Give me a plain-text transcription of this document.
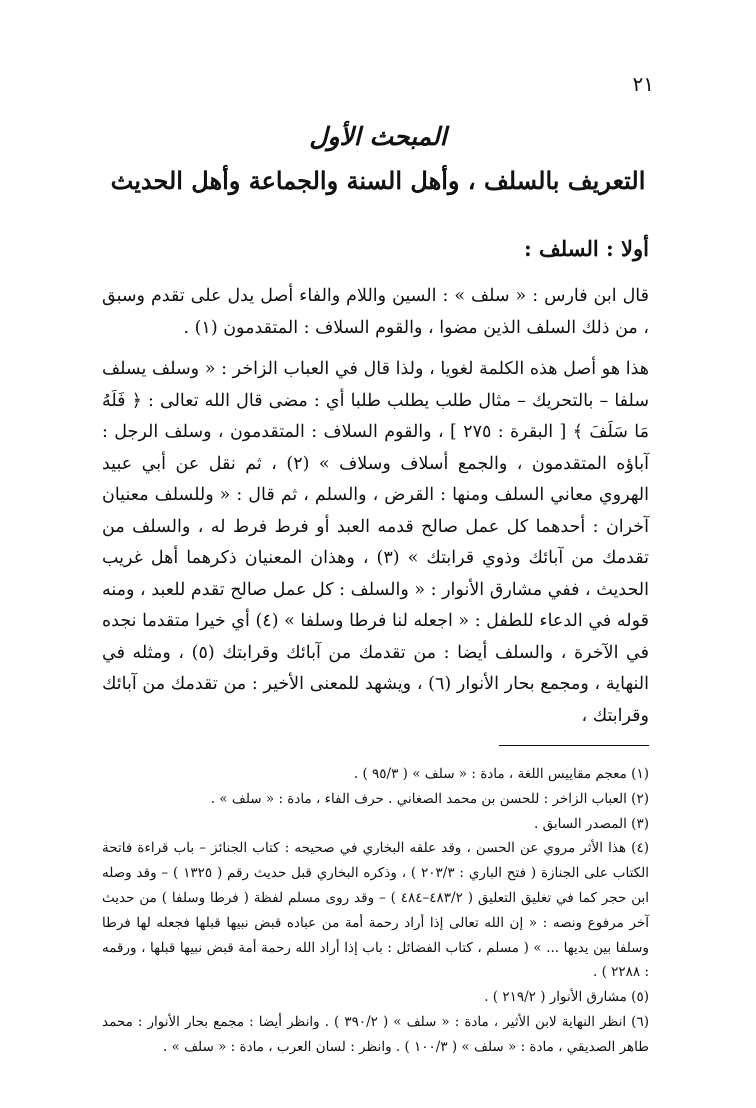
٢١
المبحث الأول
التعريف بالسلف ، وأهل السنة والجماعة وأهل الحديث
أولا : السلف :

قال ابن فارس : « سلف » : السين واللام والفاء أصل يدل على تقدم وسبق ، من ذلك السلف الذين مضوا ، والقوم السلاف : المتقدمون (١) .

هذا هو أصل هذه الكلمة لغويا ، ولذا قال في العباب الزاخر : « وسلف يسلف سلفا – بالتحريك – مثال طلب يطلب طلبا أي : مضى قال الله تعالى : ﴿ فَلَهُ مَا سَلَفَ ﴾ [ البقرة : ٢٧٥ ] ، والقوم السلاف : المتقدمون ، وسلف الرجل : آباؤه المتقدمون ، والجمع أسلاف وسلاف » (٢) ، ثم نقل عن أبي عبيد الهروي معاني السلف ومنها : القرض ، والسلم ، ثم قال : « وللسلف معنيان آخران : أحدهما كل عمل صالح قدمه العبد أو فرط فرط له ، والسلف من تقدمك من آبائك وذوي قرابتك » (٣) ، وهذان المعنيان ذكرهما أهل غريب الحديث ، ففي مشارق الأنوار : « والسلف : كل عمل صالح تقدم للعبد ، ومنه قوله في الدعاء للطفل : « اجعله لنا فرطا وسلفا » (٤) أي خيرا متقدما نجده في الآخرة ، والسلف أيضا : من تقدمك من آبائك وقرابتك (٥) ، ومثله في النهاية ، ومجمع بحار الأنوار (٦) ، ويشهد للمعنى الأخير : من تقدمك من آبائك وقرابتك ،

(١) معجم مقاييس اللغة ، مادة : « سلف » ( ٩٥/٣ ) .

(٢) العباب الزاخر : للحسن بن محمد الصغاني . حرف الفاء ، مادة : « سلف » .

(٣) المصدر السابق .

(٤) هذا الأثر مروي عن الحسن ، وقد علقه البخاري في صحيحه : كتاب الجنائز – باب قراءة فاتحة الكتاب على الجنازة ( فتح الباري : ٢٠٣/٣ ) ، وذكره البخاري قبل حديث رقم ( ١٣٢٥ ) – وقد وصله ابن حجر كما في تغليق التعليق ( ٤٨٣/٢–٤٨٤ ) – وقد روى مسلم لفظة ( فرطا وسلفا ) من حديث آخر مرفوع ونصه : « إن الله تعالى إذا أراد رحمة أمة من عباده قبض نبيها قبلها فجعله لها فرطا وسلفا بين يديها ... » ( مسلم ، كتاب الفضائل : باب إذا أراد الله رحمة أمة قبض نبيها قبلها ، ورقمه : ٢٢٨٨ ) .

(٥) مشارق الأنوار ( ٢١٩/٢ ) .

(٦) انظر النهاية لابن الأثير ، مادة : « سلف » ( ٣٩٠/٢ ) . وانظر أيضا : مجمع بحار الأنوار : محمد طاهر الصديقي ، مادة : « سلف » ( ١٠٠/٣ ) . وانظر : لسان العرب ، مادة : « سلف » .
